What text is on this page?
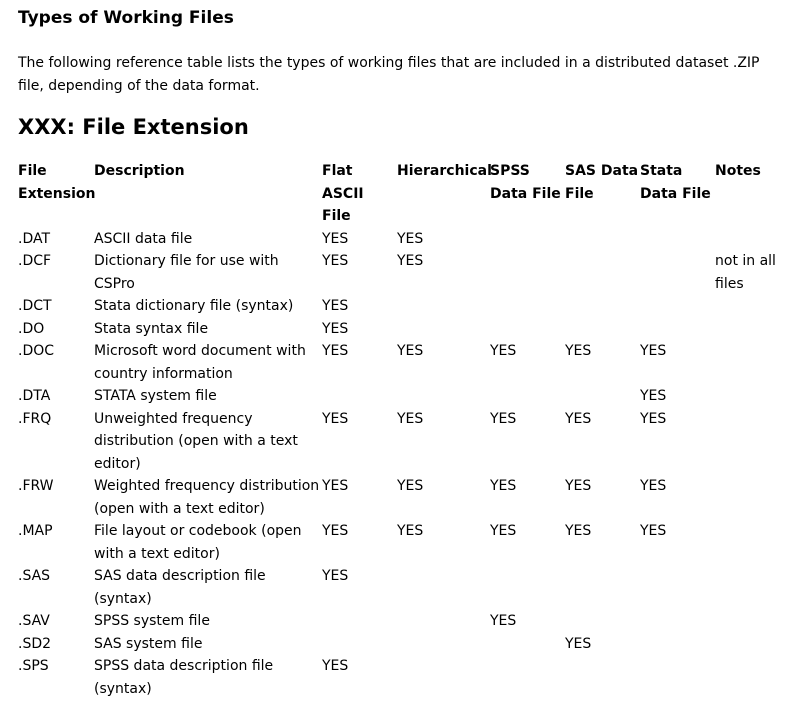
Types of Working Files

The following reference table lists the types of working files that are included in a distributed dataset .ZIP file, depending of the data format.

XXX: File Extension
File Extension	Description	Flat ASCII File	Hierarchical	SPSS Data File	SAS Data File	Stata Data File	Notes
.DAT	ASCII data file	YES	YES				
.DCF	Dictionary file for use with CSPro	YES	YES				not in all files
.DCT	Stata dictionary file (syntax)	YES					
.DO	Stata syntax file	YES					
.DOC	Microsoft word document with country information	YES	YES	YES	YES	YES	
.DTA	STATA system file					YES	
.FRQ	Unweighted frequency distribution (open with a text editor)	YES	YES	YES	YES	YES	
.FRW	Weighted frequency distribution (open with a text editor)	YES	YES	YES	YES	YES	
.MAP	File layout or codebook (open with a text editor)	YES	YES	YES	YES	YES	
.SAS	SAS data description file (syntax)	YES					
.SAV	SPSS system file			YES			
.SD2	SAS system file				YES		
.SPS	SPSS data description file (syntax)	YES					
